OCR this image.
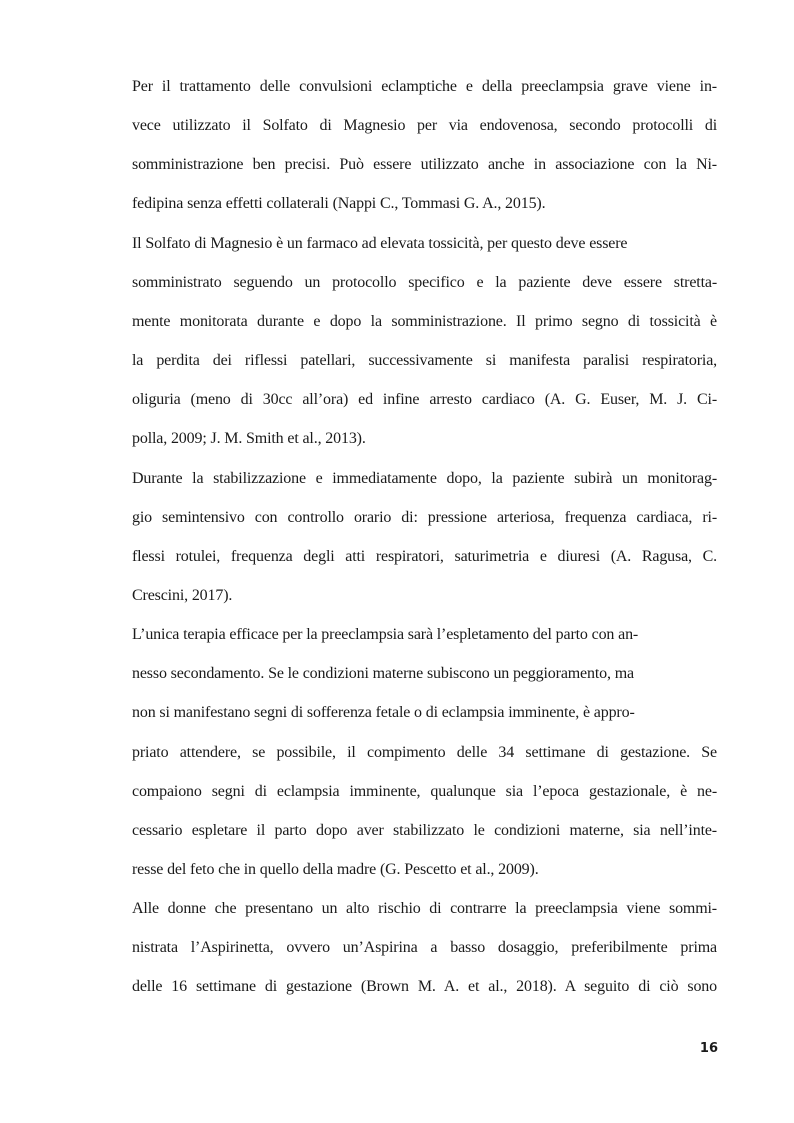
Per il trattamento delle convulsioni eclamptiche e della preeclampsia grave viene in-
vece utilizzato il Solfato di Magnesio per via endovenosa, secondo protocolli di
somministrazione ben precisi. Può essere utilizzato anche in associazione con la Ni-
fedipina senza effetti collaterali (Nappi C., Tommasi G. A., 2015).
Il Solfato di Magnesio è un farmaco ad elevata tossicità, per questo deve essere
somministrato seguendo un protocollo specifico e la paziente deve essere stretta-
mente monitorata durante e dopo la somministrazione. Il primo segno di tossicità è
la perdita dei riflessi patellari, successivamente si manifesta paralisi respiratoria,
oliguria (meno di 30cc all’ora) ed infine arresto cardiaco (A. G. Euser, M. J. Ci-
polla, 2009; J. M. Smith et al., 2013).
Durante la stabilizzazione e immediatamente dopo, la paziente subirà un monitorag-
gio semintensivo con controllo orario di: pressione arteriosa, frequenza cardiaca, ri-
flessi rotulei, frequenza degli atti respiratori, saturimetria e diuresi (A. Ragusa, C.
Crescini, 2017).
L’unica terapia efficace per la preeclampsia sarà l’espletamento del parto con an-
nesso secondamento. Se le condizioni materne subiscono un peggioramento, ma
non si manifestano segni di sofferenza fetale o di eclampsia imminente, è appro-
priato attendere, se possibile, il compimento delle 34 settimane di gestazione. Se
compaiono segni di eclampsia imminente, qualunque sia l’epoca gestazionale, è ne-
cessario espletare il parto dopo aver stabilizzato le condizioni materne, sia nell’inte-
resse del feto che in quello della madre (G. Pescetto et al., 2009).
Alle donne che presentano un alto rischio di contrarre la preeclampsia viene sommi-
nistrata l’Aspirinetta, ovvero un’Aspirina a basso dosaggio, preferibilmente prima
delle 16 settimane di gestazione (Brown M. A. et al., 2018). A seguito di ciò sono
16
